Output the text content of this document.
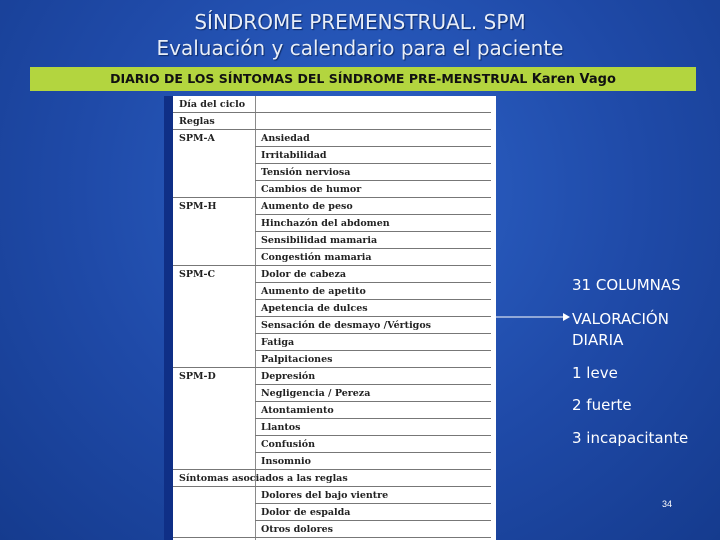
SÍNDROME PREMENSTRUAL. SPM
Evaluación y calendario para el paciente
DIARIO DE LOS SÍNTOMAS DEL SÍNDROME PRE-MENSTRUAL Karen Vago
Día del ciclo
Reglas
SPM-A	Ansiedad
Irritabilidad
Tensión nerviosa
Cambios de humor
SPM-H	Aumento de peso
Hinchazón del abdomen
Sensibilidad mamaria
Congestión mamaria
SPM-C	Dolor de cabeza
Aumento de apetito
Apetencia de dulces
Sensación de desmayo /Vértigos
Fatiga
Palpitaciones
SPM-D	Depresión
Negligencia / Pereza
Atontamiento
Llantos
Confusión
Insomnio
Síntomas asociados a las reglas
Dolores del bajo vientre
Dolor de espalda
Otros dolores
31 COLUMNAS
VALORACIÓN
DIARIA
1 leve
2 fuerte
3 incapacitante
34
